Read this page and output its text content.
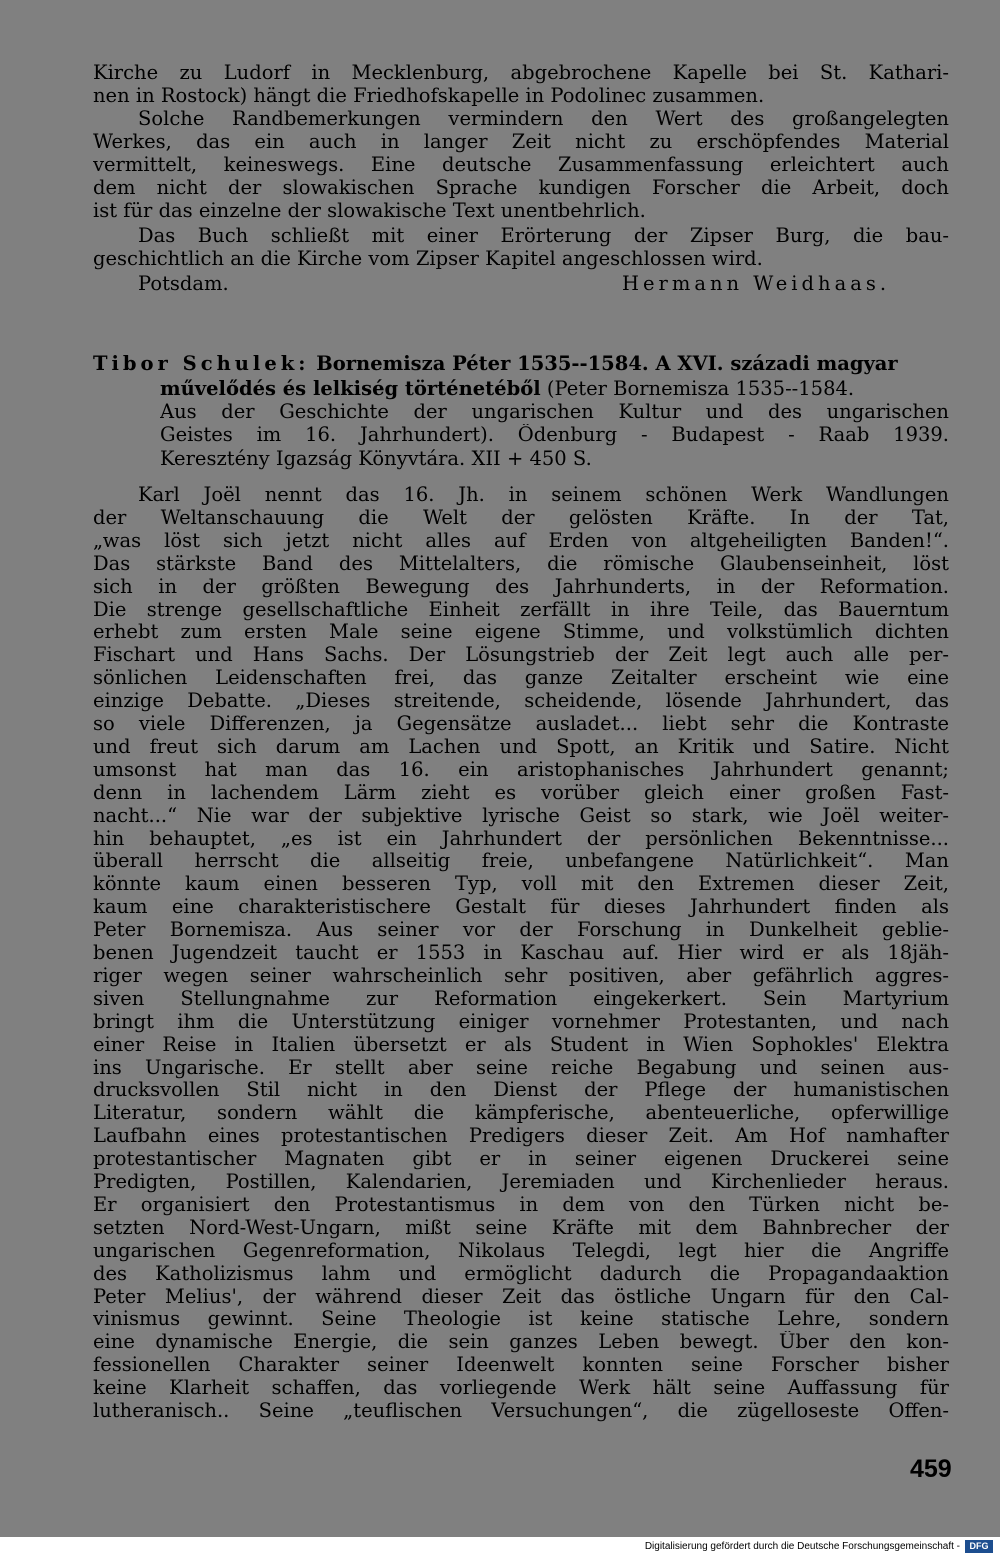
Kirche zu Ludorf in Mecklenburg, abgebrochene Kapelle bei St. Kathari-
nen in Rostock) hängt die Friedhofskapelle in Podolinec zusammen.
Solche Randbemerkungen vermindern den Wert des großangelegten
Werkes, das ein auch in langer Zeit nicht zu erschöpfendes Material
vermittelt, keineswegs. Eine deutsche Zusammenfassung erleichtert auch
dem nicht der slowakischen Sprache kundigen Forscher die Arbeit, doch
ist für das einzelne der slowakische Text unentbehrlich.
Das Buch schließt mit einer Erörterung der Zipser Burg, die bau-
geschichtlich an die Kirche vom Zipser Kapitel angeschlossen wird.
Potsdam.	Hermann Weidhaas.
Tibor Schulek: Bornemisza Péter 1535--1584. A XVI. századi magyar
művelődés és lelkiség történetéből (Peter Bornemisza 1535--1584.
Aus der Geschichte der ungarischen Kultur und des ungarischen
Geistes im 16. Jahrhundert). Ödenburg - Budapest - Raab 1939.
Keresztény Igazság Könyvtára. XII + 450 S.
Karl Joël nennt das 16. Jh. in seinem schönen Werk Wandlungen
der Weltanschauung die Welt der gelösten Kräfte. In der Tat,
„was löst sich jetzt nicht alles auf Erden von altgeheiligten Banden!“.
Das stärkste Band des Mittelalters, die römische Glaubenseinheit, löst
sich in der größten Bewegung des Jahrhunderts, in der Reformation.
Die strenge gesellschaftliche Einheit zerfällt in ihre Teile, das Bauerntum
erhebt zum ersten Male seine eigene Stimme, und volkstümlich dichten
Fischart und Hans Sachs. Der Lösungstrieb der Zeit legt auch alle per-
sönlichen Leidenschaften frei, das ganze Zeitalter erscheint wie eine
einzige Debatte. „Dieses streitende, scheidende, lösende Jahrhundert, das
so viele Differenzen, ja Gegensätze ausladet... liebt sehr die Kontraste
und freut sich darum am Lachen und Spott, an Kritik und Satire. Nicht
umsonst hat man das 16. ein aristophanisches Jahrhundert genannt;
denn in lachendem Lärm zieht es vorüber gleich einer großen Fast-
nacht...“ Nie war der subjektive lyrische Geist so stark, wie Joël weiter-
hin behauptet, „es ist ein Jahrhundert der persönlichen Bekenntnisse...
überall herrscht die allseitig freie, unbefangene Natürlichkeit“. Man
könnte kaum einen besseren Typ, voll mit den Extremen dieser Zeit,
kaum eine charakteristischere Gestalt für dieses Jahrhundert finden als
Peter Bornemisza. Aus seiner vor der Forschung in Dunkelheit geblie-
benen Jugendzeit taucht er 1553 in Kaschau auf. Hier wird er als 18jäh-
riger wegen seiner wahrscheinlich sehr positiven, aber gefährlich aggres-
siven Stellungnahme zur Reformation eingekerkert. Sein Martyrium
bringt ihm die Unterstützung einiger vornehmer Protestanten, und nach
einer Reise in Italien übersetzt er als Student in Wien Sophokles' Elektra
ins Ungarische. Er stellt aber seine reiche Begabung und seinen aus-
drucksvollen Stil nicht in den Dienst der Pflege der humanistischen
Literatur, sondern wählt die kämpferische, abenteuerliche, opferwillige
Laufbahn eines protestantischen Predigers dieser Zeit. Am Hof namhafter
protestantischer Magnaten gibt er in seiner eigenen Druckerei seine
Predigten, Postillen, Kalendarien, Jeremiaden und Kirchenlieder heraus.
Er organisiert den Protestantismus in dem von den Türken nicht be-
setzten Nord-West-Ungarn, mißt seine Kräfte mit dem Bahnbrecher der
ungarischen Gegenreformation, Nikolaus Telegdi, legt hier die Angriffe
des Katholizismus lahm und ermöglicht dadurch die Propagandaaktion
Peter Melius', der während dieser Zeit das östliche Ungarn für den Cal-
vinismus gewinnt. Seine Theologie ist keine statische Lehre, sondern
eine dynamische Energie, die sein ganzes Leben bewegt. Über den kon-
fessionellen Charakter seiner Ideenwelt konnten seine Forscher bisher
keine Klarheit schaffen, das vorliegende Werk hält seine Auffassung für
lutheranisch.. Seine „teuflischen Versuchungen“, die zügelloseste Offen-
459
Digitalisierung gefördert durch die Deutsche Forschungsgemeinschaft -	DFG
